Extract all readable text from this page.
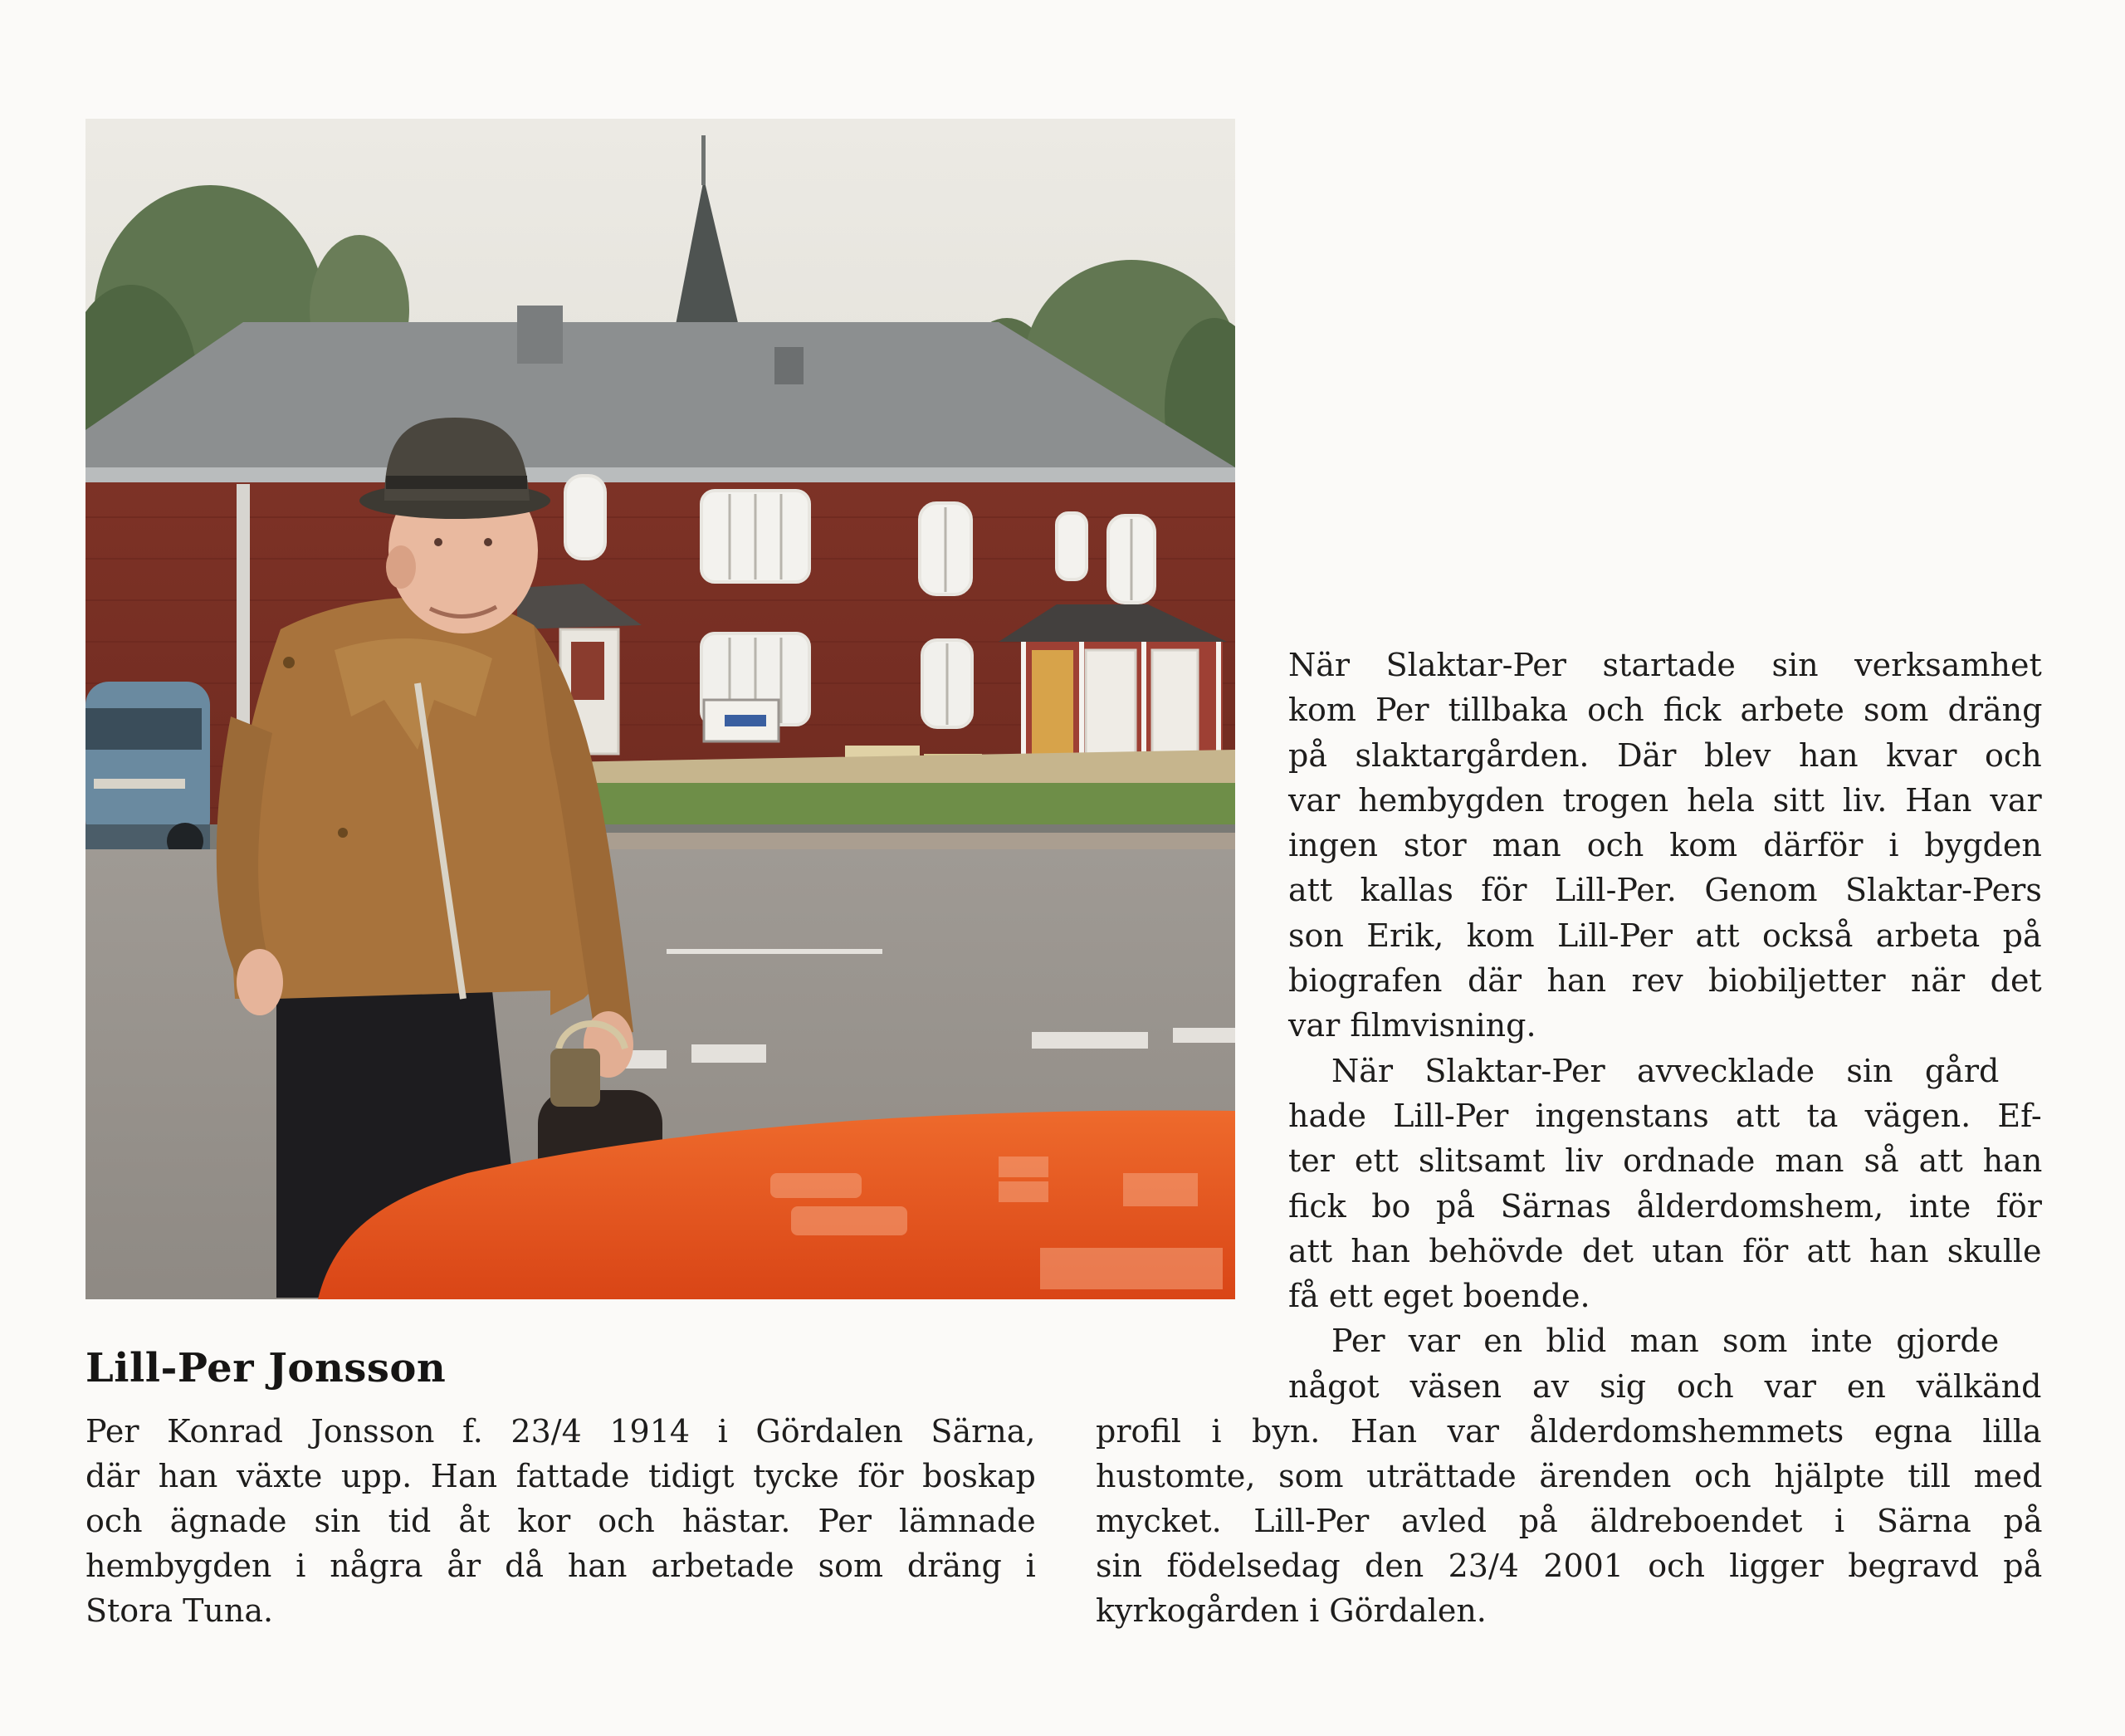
Lill-Per Jonsson
Per Konrad Jonsson f. 23/4 1914 i Gördalen Särna,
där han växte upp. Han fattade tidigt tycke för boskap
och ägnade sin tid åt kor och hästar. Per lämnade
hembygden i några år då han arbetade som dräng i
Stora Tuna.
När Slaktar-Per startade sin verksamhet
kom Per tillbaka och fick arbete som dräng
på slaktargården. Där blev han kvar och
var hembygden trogen hela sitt liv. Han var
ingen stor man och kom därför i bygden
att kallas för Lill-Per. Genom Slaktar-Pers
son Erik, kom Lill-Per att också arbeta på
biografen där han rev biobiljetter när det
var filmvisning.
När Slaktar-Per avvecklade sin gård
hade Lill-Per ingenstans att ta vägen. Ef-
ter ett slitsamt liv ordnade man så att han
fick bo på Särnas ålderdomshem, inte för
att han behövde det utan för att han skulle
få ett eget boende.
Per var en blid man som inte gjorde
något väsen av sig och var en välkänd
profil i byn. Han var ålderdomshemmets egna lilla
hustomte, som uträttade ärenden och hjälpte till med
mycket. Lill-Per avled på äldreboendet i Särna på
sin födelsedag den 23/4 2001 och ligger begravd på
kyrkogården i Gördalen.
